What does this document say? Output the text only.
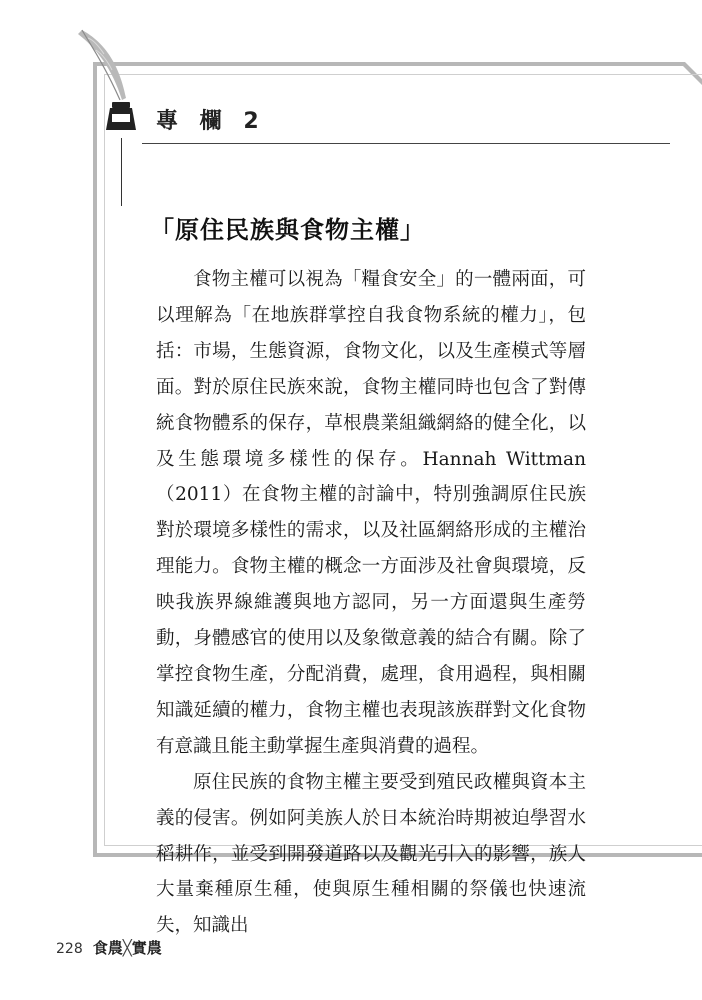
專 欄 2
「原住民族與食物主權」

食物主權可以視為「糧食安全」的一體兩面，可以理解為「在地族群掌控自我食物系統的權力」，包括：市場，生態資源，食物文化，以及生產模式等層面。對於原住民族來說，食物主權同時也包含了對傳統食物體系的保存，草根農業組織網絡的健全化，以及生態環境多樣性的保存。Hannah Wittman（2011）在食物主權的討論中，特別強調原住民族對於環境多樣性的需求，以及社區網絡形成的主權治理能力。食物主權的概念一方面涉及社會與環境，反映我族界線維護與地方認同，另一方面還與生產勞動，身體感官的使用以及象徵意義的結合有關。除了掌控食物生產，分配消費，處理，食用過程，與相關知識延續的權力，食物主權也表現該族群對文化食物有意識且能主動掌握生產與消費的過程。

原住民族的食物主權主要受到殖民政權與資本主義的侵害。例如阿美族人於日本統治時期被迫學習水稻耕作，並受到開發道路以及觀光引入的影響，族人大量棄種原生種，使與原生種相關的祭儀也快速流失，知識出

228 食農╳實農
